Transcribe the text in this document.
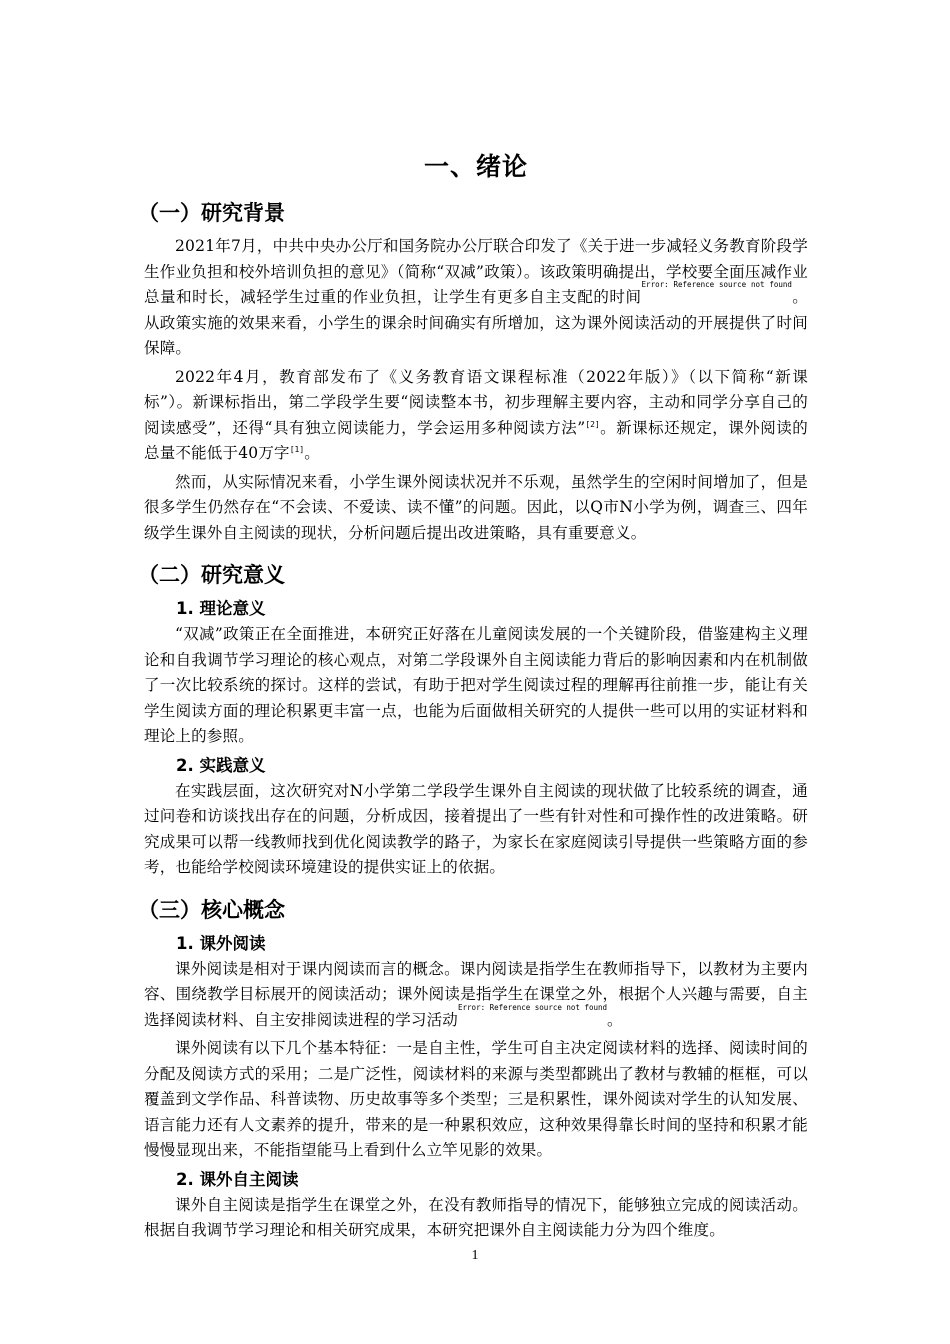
一、绪论
（一）研究背景

2021年7月，中共中央办公厅和国务院办公厅联合印发了《关于进一步减轻义务教育阶段学生作业负担和校外培训负担的意见》（简称“双减”政策）。该政策明确提出，学校要全面压减作业总量和时长，减轻学生过重的作业负担，让学生有更多自主支配的时间$^{Error: Reference source not found}$。从政策实施的效果来看，小学生的课余时间确实有所增加，这为课外阅读活动的开展提供了时间保障。

2022年4月，教育部发布了《义务教育语文课程标准（2022年版）》（以下简称“新课标”）。新课标指出，第二学段学生要“阅读整本书，初步理解主要内容，主动和同学分享自己的阅读感受”，还得“具有独立阅读能力，学会运用多种阅读方法”[2]。新课标还规定，课外阅读的总量不能低于40万字[1]。

然而，从实际情况来看，小学生课外阅读状况并不乐观，虽然学生的空闲时间增加了，但是很多学生仍然存在“不会读、不爱读、读不懂”的问题。因此，以Q市N小学为例，调查三、四年级学生课外自主阅读的现状，分析问题后提出改进策略，具有重要意义。

（二）研究意义
1. 理论意义

“双减”政策正在全面推进，本研究正好落在儿童阅读发展的一个关键阶段，借鉴建构主义理论和自我调节学习理论的核心观点，对第二学段课外自主阅读能力背后的影响因素和内在机制做了一次比较系统的探讨。这样的尝试，有助于把对学生阅读过程的理解再往前推一步，能让有关学生阅读方面的理论积累更丰富一点，也能为后面做相关研究的人提供一些可以用的实证材料和理论上的参照。

2. 实践意义

在实践层面，这次研究对N小学第二学段学生课外自主阅读的现状做了比较系统的调查，通过问卷和访谈找出存在的问题，分析成因，接着提出了一些有针对性和可操作性的改进策略。研究成果可以帮一线教师找到优化阅读教学的路子，为家长在家庭阅读引导提供一些策略方面的参考，也能给学校阅读环境建设的提供实证上的依据。

（三）核心概念
1. 课外阅读

课外阅读是相对于课内阅读而言的概念。课内阅读是指学生在教师指导下，以教材为主要内容、围绕教学目标展开的阅读活动；课外阅读是指学生在课堂之外，根据个人兴趣与需要，自主选择阅读材料、自主安排阅读进程的学习活动$^{Error: Reference source not found}$。

课外阅读有以下几个基本特征：一是自主性，学生可自主决定阅读材料的选择、阅读时间的分配及阅读方式的采用；二是广泛性，阅读材料的来源与类型都跳出了教材与教辅的框框，可以覆盖到文学作品、科普读物、历史故事等多个类型；三是积累性，课外阅读对学生的认知发展、语言能力还有人文素养的提升，带来的是一种累积效应，这种效果得靠长时间的坚持和积累才能慢慢显现出来，不能指望能马上看到什么立竿见影的效果。

2. 课外自主阅读

课外自主阅读是指学生在课堂之外，在没有教师指导的情况下，能够独立完成的阅读活动。根据自我调节学习理论和相关研究成果，本研究把课外自主阅读能力分为四个维度。

1
